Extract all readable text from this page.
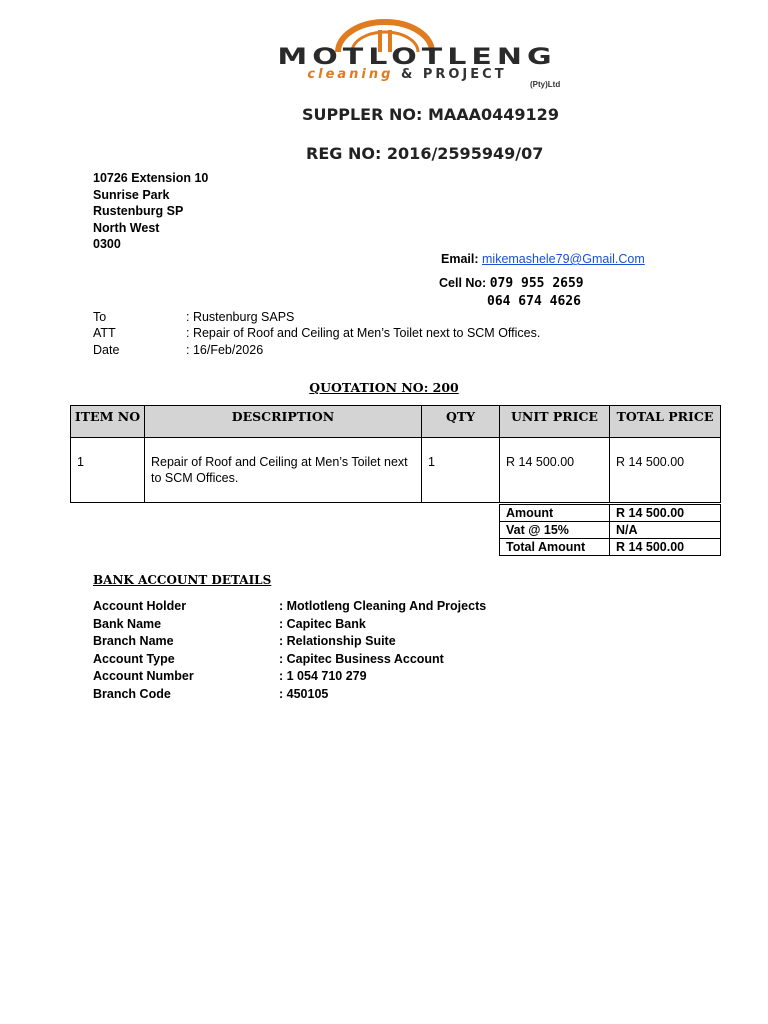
MOTLOTLENG
cleaning & PROJECT
(Pty)Ltd
SUPPLER NO: MAAA0449129
REG NO: 2016/2595949/07
10726 Extension 10
Sunrise Park
Rustenburg SP
North West
0300
Email: mikemashele79@Gmail.Com
Cell No: 079 955 2659
064 674 4626
To	: Rustenburg SAPS
ATT	: Repair of Roof and Ceiling at Men’s Toilet next to SCM Offices.
Date	: 16/Feb/2026
QUOTATION NO: 200
ITEM NO	DESCRIPTION	QTY	UNIT PRICE	TOTAL PRICE

1	Repair of Roof and Ceiling at Men’s Toilet next to SCM Offices.	1	R 14 500.00	R 14 500.00
Amount	R 14 500.00
Vat @ 15%	N/A
Total Amount	R 14 500.00
BANK ACCOUNT DETAILS
Account Holder	: Motlotleng Cleaning And Projects
Bank Name	: Capitec Bank
Branch Name	: Relationship Suite
Account Type	: Capitec Business Account
Account Number	: 1 054 710 279
Branch Code	: 450105
